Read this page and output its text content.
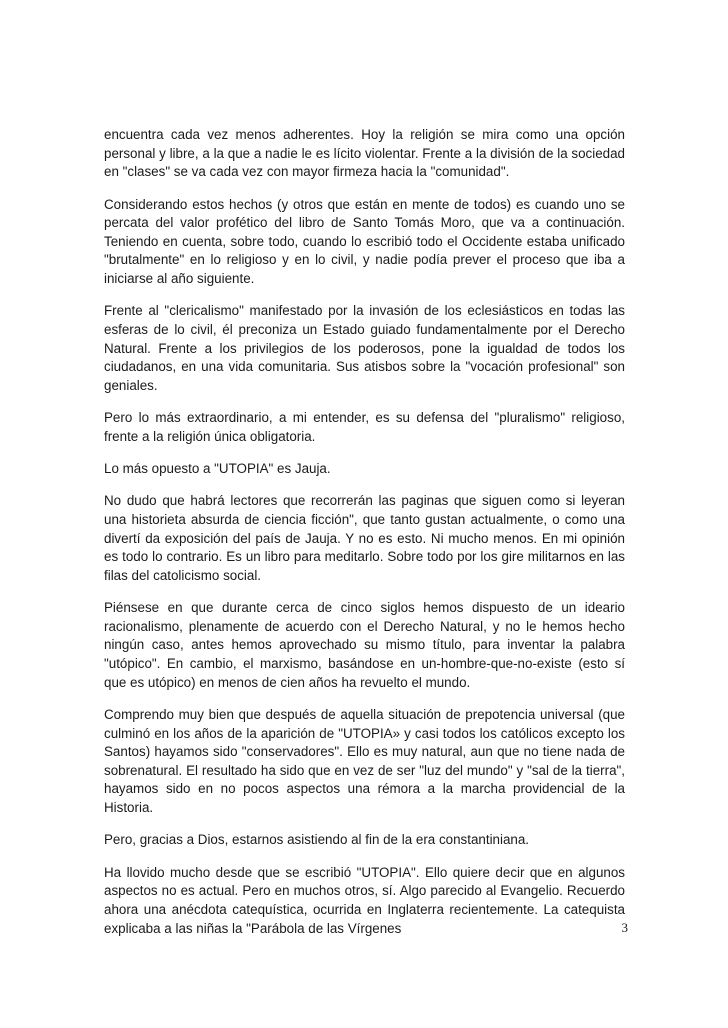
encuentra cada vez menos adherentes. Hoy la religión se mira como una opción personal y libre, a la que a nadie le es lícito violentar. Frente a la división de la sociedad en "clases" se va cada vez con mayor firmeza hacia la "comunidad".

Considerando estos hechos (y otros que están en mente de todos) es cuando uno se percata del valor profético del libro de Santo Tomás Moro, que va a continuación. Teniendo en cuenta, sobre todo, cuando lo escribió todo el Occidente estaba unificado "brutalmente" en lo religioso y en lo civil, y nadie podía prever el proceso que iba a iniciarse al año siguiente.

Frente al "clericalismo" manifestado por la invasión de los eclesiásticos en todas las esferas de lo civil, él preconiza un Estado guiado fundamentalmente por el Derecho Natural. Frente a los privilegios de los poderosos, pone la igualdad de todos los ciudadanos, en una vida comunitaria. Sus atisbos sobre la "vocación profesional" son geniales.

Pero lo más extraordinario, a mi entender, es su defensa del "pluralismo" religioso, frente a la religión única obligatoria.

Lo más opuesto a "UTOPIA" es Jauja.

No dudo que habrá lectores que recorrerán las paginas que siguen como si leyeran una historieta absurda de ciencia ficción", que tanto gustan actualmente, o como una divertí da exposición del país de Jauja. Y no es esto. Ni mucho menos. En mi opinión es todo lo contrario. Es un libro para meditarlo. Sobre todo por los gire militarnos en las filas del catolicismo social.

Piénsese en que durante cerca de cinco siglos hemos dispuesto de un ideario racionalismo, plenamente de acuerdo con el Derecho Natural, y no le hemos hecho ningún caso, antes hemos aprovechado su mismo título, para inventar la palabra "utópico". En cambio, el marxismo, basándose en un-hombre-que-no-existe (esto sí que es utópico) en menos de cien años ha revuelto el mundo.

Comprendo muy bien que después de aquella situación de prepotencia universal (que culminó en los años de la aparición de "UTOPIA» y casi todos los católicos excepto los Santos) hayamos sido "conservadores". Ello es muy natural, aun que no tiene nada de sobrenatural. El resultado ha sido que en vez de ser "luz del mundo" y "sal de la tierra", hayamos sido en no pocos aspectos una rémora a la marcha providencial de la Historia.

Pero, gracias a Dios, estarnos asistiendo al fin de la era constantiniana.

Ha llovido mucho desde que se escribió "UTOPIA". Ello quiere decir que en algunos aspectos no es actual. Pero en muchos otros, sí. Algo parecido al Evangelio. Recuerdo ahora una anécdota catequística, ocurrida en Inglaterra recientemente. La catequista explicaba a las niñas la "Parábola de las Vírgenes	3
